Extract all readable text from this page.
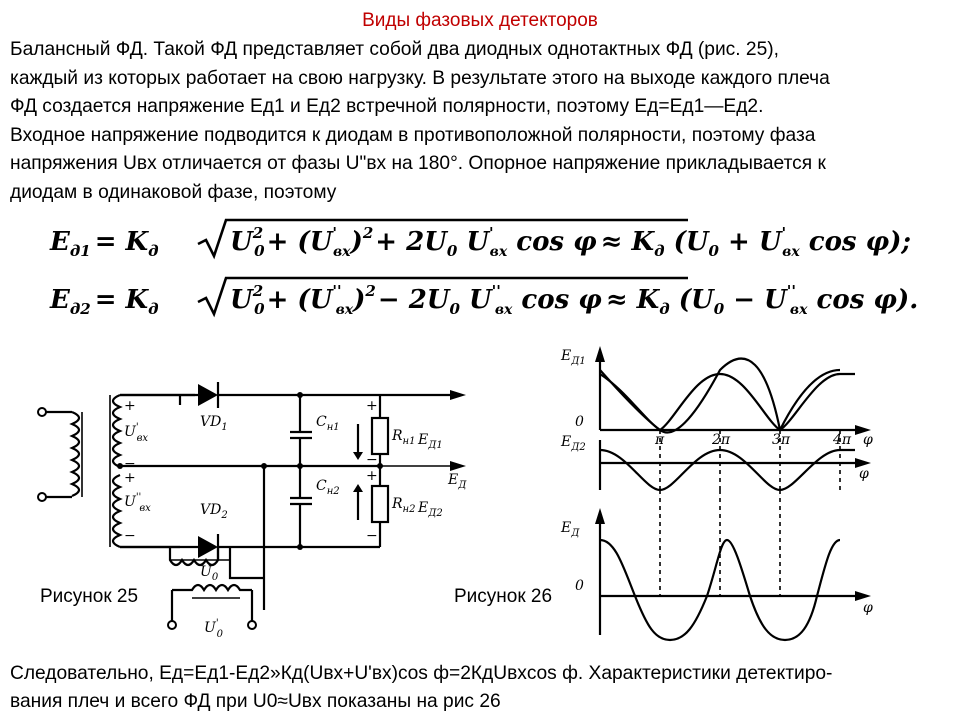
Виды фазовых детекторов
Балансный ФД. Такой ФД представляет собой два диодных однотактных ФД (рис. 25),
каждый из которых работает на свою нагрузку. В результате этого на выходе каждого плеча
ФД создается напряжение Ед1 и Ед2 встречной полярности, поэтому Ед=Ед1—Ед2.
Входное напряжение подводится к диодам в противоположной полярности, поэтому фаза
напряжения Uвх отличается от фазы U"вх на 180°. Опорное напряжение прикладывается к
диодам в одинаковой фазе, поэтому
$E_{д1} = K_д$	$U^2$ 0+ (U' $вх)^2+ 2U_0$ U' вх $\cos \varphi \approx K_д$ ($U_0 + U'$ вх cos φ);
$E_{д2} = K_д$	$U^2$ 0+ (U'' $вх)^2- 2U_0$ U'' вх $\cos \varphi \approx K_д$ ($U_0 - U''$ вх cos φ).
+
U' вх
−
+
U'' вх
−
$VD_1$
$VD_2$
$C_{н1}$
$C_{н2}$
$R_{н1}$
$R_{н2}$
$E_{Д1}$
$E_{Д2}$
$E_Д$
$U_0$
U' 0
+
−
+
−
$E_{Д1}$
0
$E_{Д2}$
$E_Д$
0
π	2π	3π	4π φ
φ
φ
Рисунок 25	Рисунок 26
Следовательно, Ед=Ед1-Ед2»Кд(Uвх+U'вх)cos ф=2КдUвхcos ф. Характеристики детектиро-
вания плеч и всего ФД при U0≈Uвх показаны на рис 26
